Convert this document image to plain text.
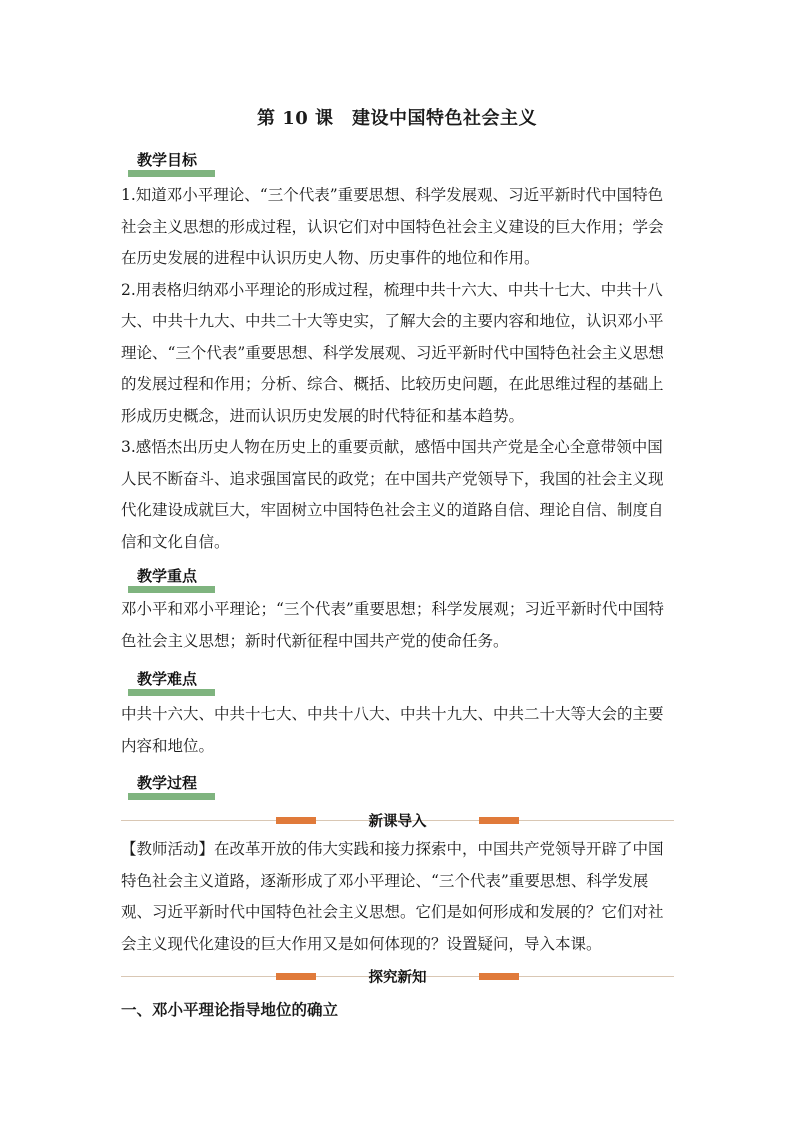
第 10 课　建设中国特色社会主义
教学目标

1.知道邓小平理论、“三个代表”重要思想、科学发展观、习近平新时代中国特色社会主义思想的形成过程，认识它们对中国特色社会主义建设的巨大作用；学会在历史发展的进程中认识历史人物、历史事件的地位和作用。

2.用表格归纳邓小平理论的形成过程，梳理中共十六大、中共十七大、中共十八大、中共十九大、中共二十大等史实，了解大会的主要内容和地位，认识邓小平理论、“三个代表”重要思想、科学发展观、习近平新时代中国特色社会主义思想的发展过程和作用；分析、综合、概括、比较历史问题，在此思维过程的基础上形成历史概念，进而认识历史发展的时代特征和基本趋势。

3.感悟杰出历史人物在历史上的重要贡献，感悟中国共产党是全心全意带领中国人民不断奋斗、追求强国富民的政党；在中国共产党领导下，我国的社会主义现代化建设成就巨大，牢固树立中国特色社会主义的道路自信、理论自信、制度自信和文化自信。

教学重点

邓小平和邓小平理论；“三个代表”重要思想；科学发展观；习近平新时代中国特色社会主义思想；新时代新征程中国共产党的使命任务。

教学难点

中共十六大、中共十七大、中共十八大、中共十九大、中共二十大等大会的主要内容和地位。

教学过程
新课导入

【教师活动】在改革开放的伟大实践和接力探索中，中国共产党领导开辟了中国特色社会主义道路，逐渐形成了邓小平理论、“三个代表”重要思想、科学发展观、习近平新时代中国特色社会主义思想。它们是如何形成和发展的？它们对社会主义现代化建设的巨大作用又是如何体现的？设置疑问，导入本课。

探究新知
一、邓小平理论指导地位的确立
